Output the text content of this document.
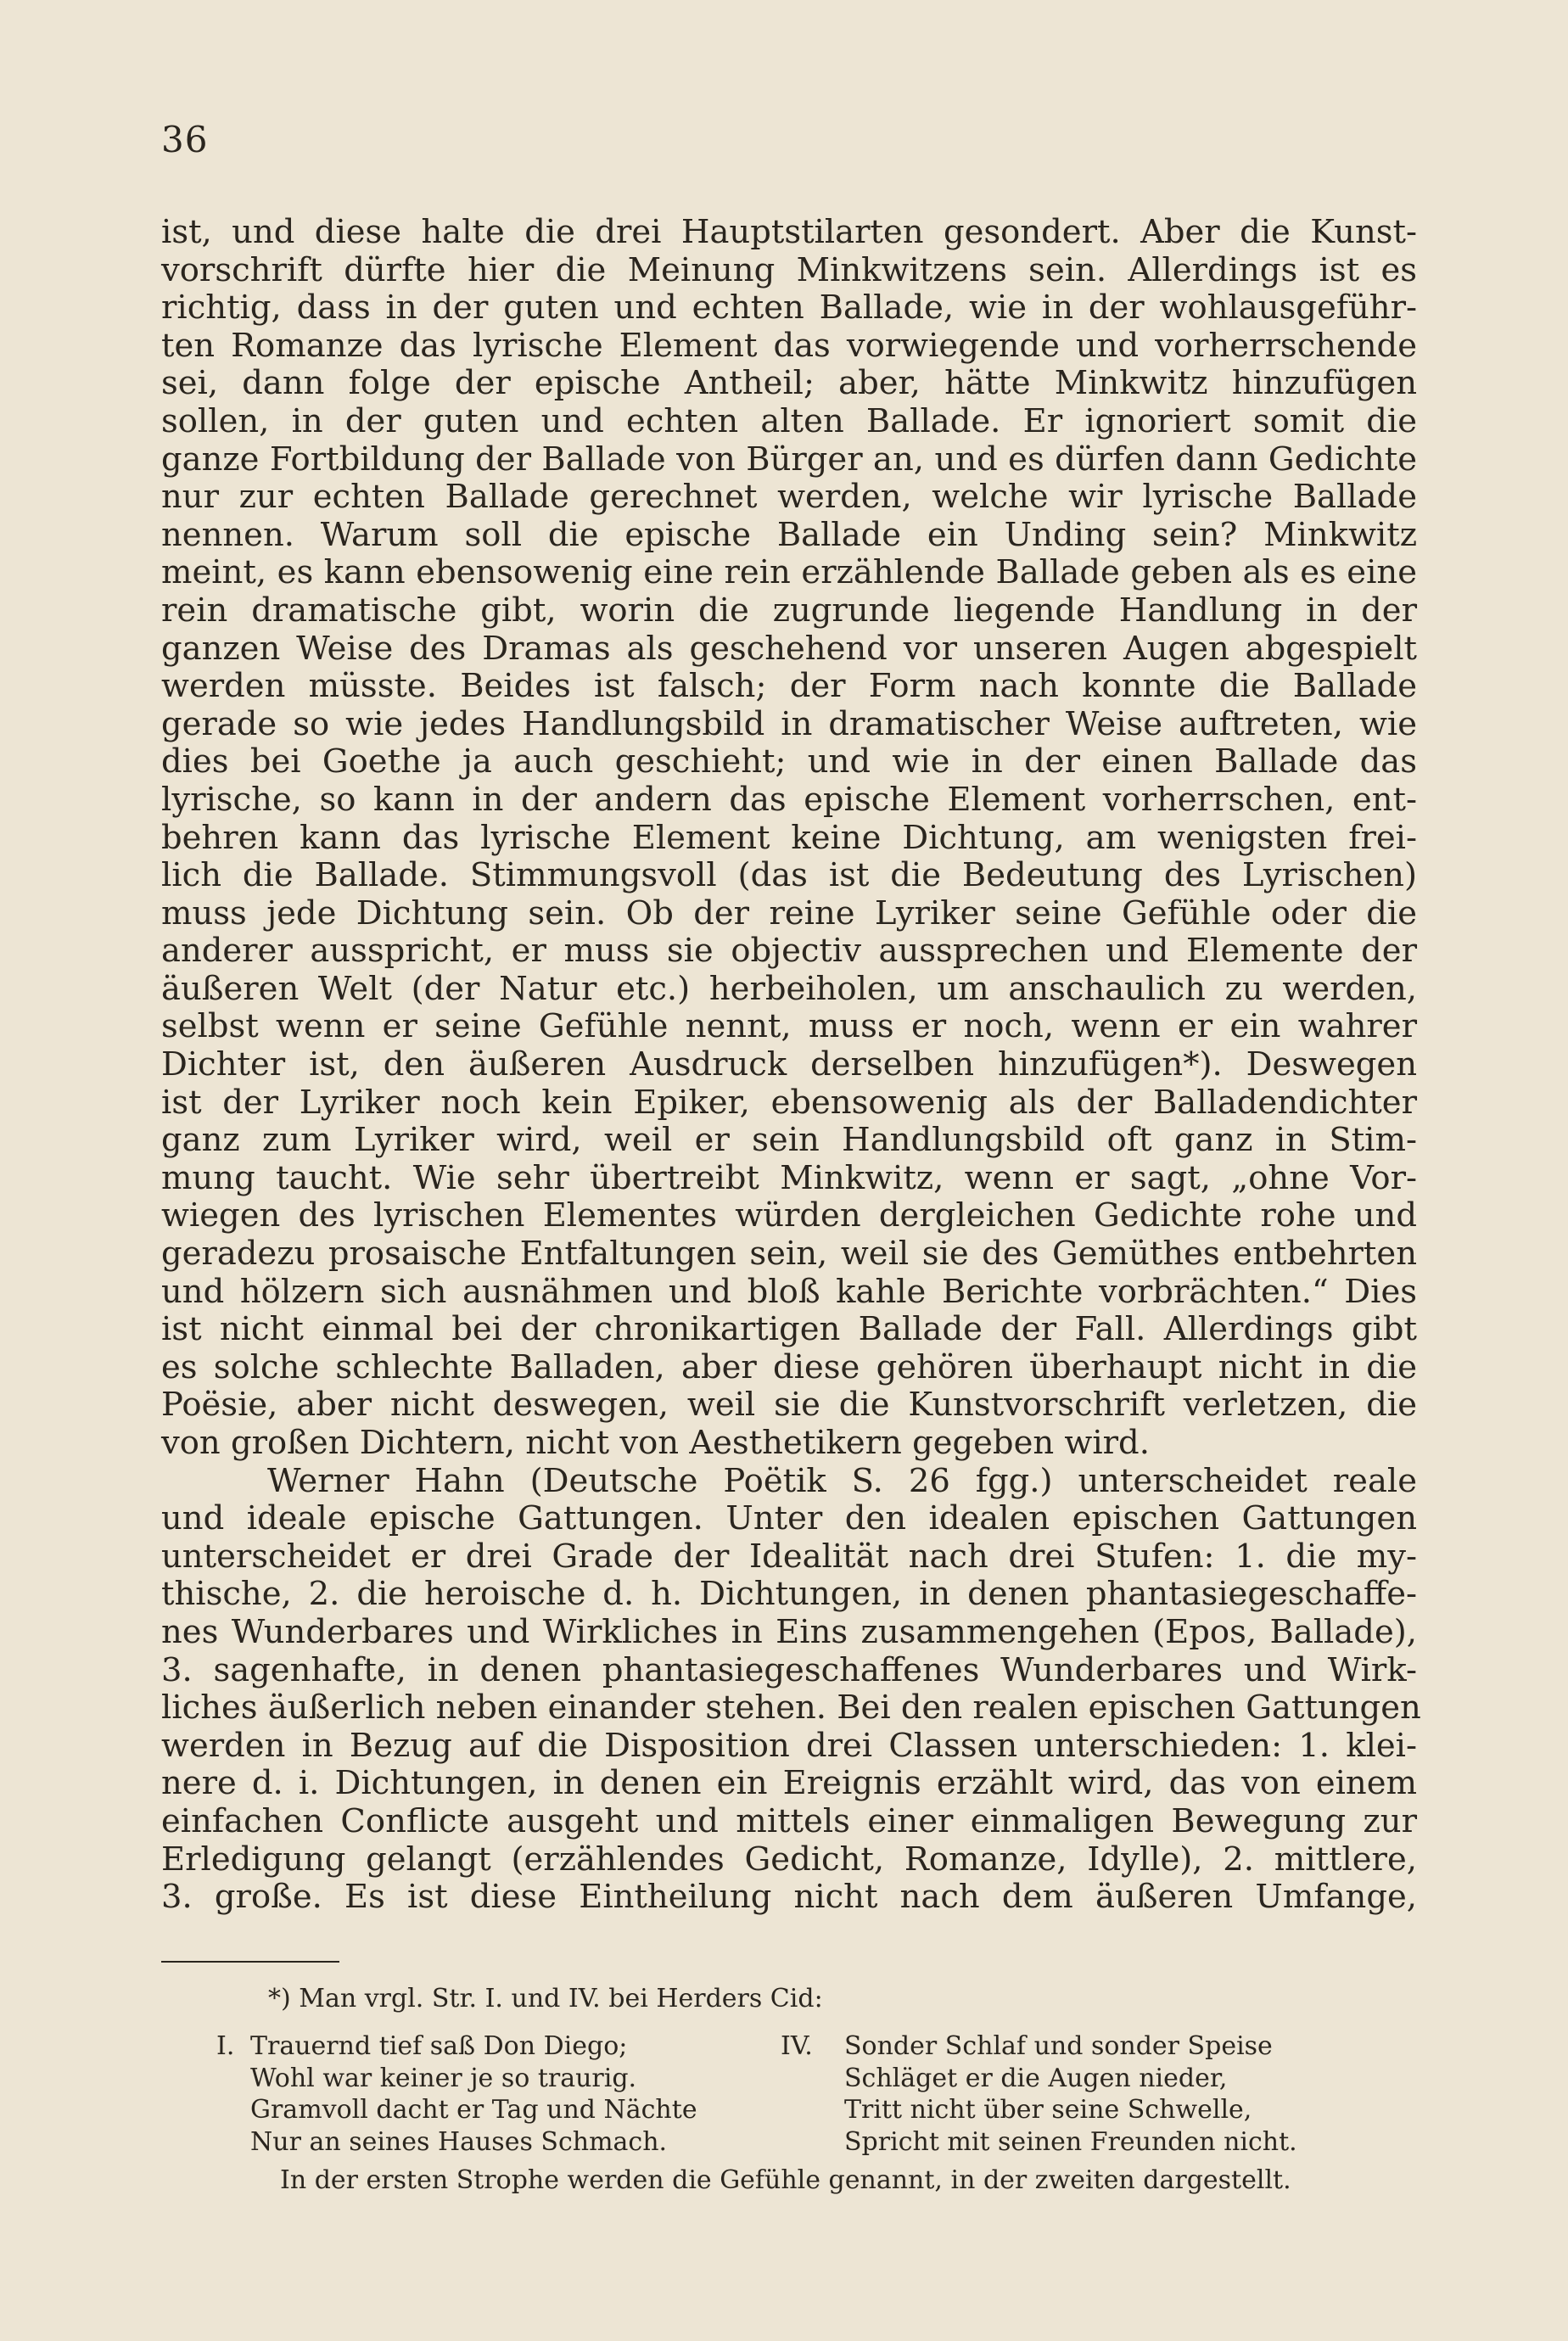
36
ist, und diese halte die drei Hauptstilarten gesondert. Aber die Kunst-
vorschrift dürfte hier die Meinung Minkwitzens sein. Allerdings ist es
richtig, dass in der guten und echten Ballade, wie in der wohlausgeführ-
ten Romanze das lyrische Element das vorwiegende und vorherrschende
sei, dann folge der epische Antheil; aber, hätte Minkwitz hinzufügen
sollen, in der guten und echten alten Ballade. Er ignoriert somit die
ganze Fortbildung der Ballade von Bürger an, und es dürfen dann Gedichte
nur zur echten Ballade gerechnet werden, welche wir lyrische Ballade
nennen. Warum soll die epische Ballade ein Unding sein? Minkwitz
meint, es kann ebensowenig eine rein erzählende Ballade geben als es eine
rein dramatische gibt, worin die zugrunde liegende Handlung in der
ganzen Weise des Dramas als geschehend vor unseren Augen abgespielt
werden müsste. Beides ist falsch; der Form nach konnte die Ballade
gerade so wie jedes Handlungsbild in dramatischer Weise auftreten, wie
dies bei Goethe ja auch geschieht; und wie in der einen Ballade das
lyrische, so kann in der andern das epische Element vorherrschen, ent-
behren kann das lyrische Element keine Dichtung, am wenigsten frei-
lich die Ballade. Stimmungsvoll (das ist die Bedeutung des Lyrischen)
muss jede Dichtung sein. Ob der reine Lyriker seine Gefühle oder die
anderer ausspricht, er muss sie objectiv aussprechen und Elemente der
äußeren Welt (der Natur etc.) herbeiholen, um anschaulich zu werden,
selbst wenn er seine Gefühle nennt, muss er noch, wenn er ein wahrer
Dichter ist, den äußeren Ausdruck derselben hinzufügen*). Deswegen
ist der Lyriker noch kein Epiker, ebensowenig als der Balladendichter
ganz zum Lyriker wird, weil er sein Handlungsbild oft ganz in Stim-
mung taucht. Wie sehr übertreibt Minkwitz, wenn er sagt, „ohne Vor-
wiegen des lyrischen Elementes würden dergleichen Gedichte rohe und
geradezu prosaische Entfaltungen sein, weil sie des Gemüthes entbehrten
und hölzern sich ausnähmen und bloß kahle Berichte vorbrächten.“ Dies
ist nicht einmal bei der chronikartigen Ballade der Fall. Allerdings gibt
es solche schlechte Balladen, aber diese gehören überhaupt nicht in die
Poësie, aber nicht deswegen, weil sie die Kunstvorschrift verletzen, die
von großen Dichtern, nicht von Aesthetikern gegeben wird.
Werner Hahn (Deutsche Poëtik S. 26 fgg.) unterscheidet reale
und ideale epische Gattungen. Unter den idealen epischen Gattungen
unterscheidet er drei Grade der Idealität nach drei Stufen: 1. die my-
thische, 2. die heroische d. h. Dichtungen, in denen phantasiegeschaffe-
nes Wunderbares und Wirkliches in Eins zusammengehen (Epos, Ballade),
3. sagenhafte, in denen phantasiegeschaffenes Wunderbares und Wirk-
liches äußerlich neben einander stehen. Bei den realen epischen Gattungen
werden in Bezug auf die Disposition drei Classen unterschieden: 1. klei-
nere d. i. Dichtungen, in denen ein Ereignis erzählt wird, das von einem
einfachen Conflicte ausgeht und mittels einer einmaligen Bewegung zur
Erledigung gelangt (erzählendes Gedicht, Romanze, Idylle), 2. mittlere,
3. große. Es ist diese Eintheilung nicht nach dem äußeren Umfange,
*) Man vrgl. Str. I. und IV. bei Herders Cid:
I. Trauernd tief saß Don Diego;
Wohl war keiner je so traurig.
Gramvoll dacht er Tag und Nächte
Nur an seines Hauses Schmach.
IV. Sonder Schlaf und sonder Speise
Schläget er die Augen nieder,
Tritt nicht über seine Schwelle,
Spricht mit seinen Freunden nicht.
In der ersten Strophe werden die Gefühle genannt, in der zweiten dargestellt.
